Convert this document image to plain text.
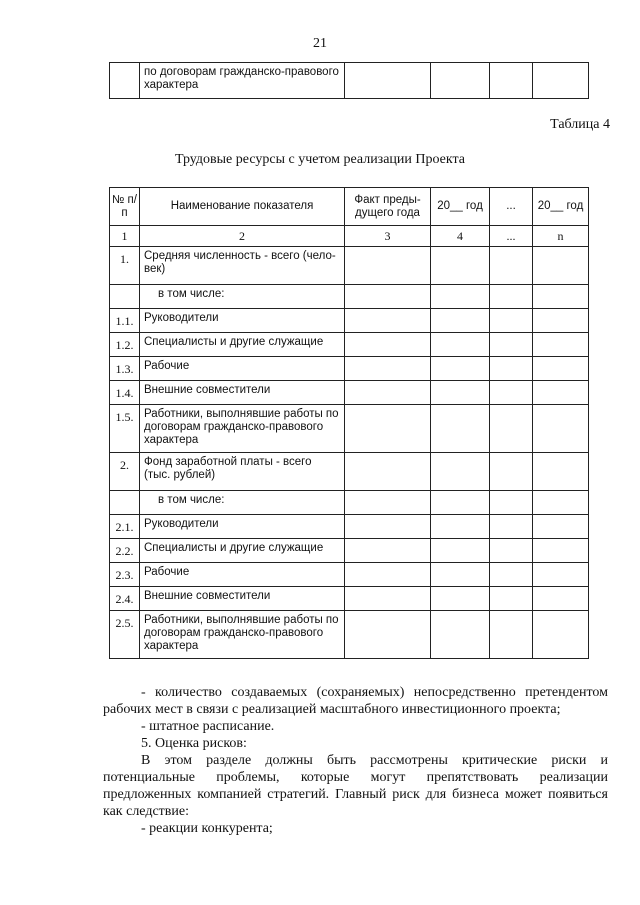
21
	по договорам гражданско-правового характера				
Таблица 4
Трудовые ресурсы с учетом реализации Проекта
№ п/п	Наименование показателя	Факт преды-дущего года	20__ год	...	20__ год
1	2	3	4	...	n
1.	Средняя численность - всего (чело-век)				
	в том числе:				
1.1.	Руководители				
1.2.	Специалисты и другие служащие				
1.3.	Рабочие				
1.4.	Внешние совместители				
1.5.	Работники, выполнявшие работы по договорам гражданско-правового характера				
2.	Фонд заработной платы - всего (тыс. рублей)				
	в том числе:				
2.1.	Руководители				
2.2.	Специалисты и другие служащие				
2.3.	Рабочие				
2.4.	Внешние совместители				
2.5.	Работники, выполнявшие работы по договорам гражданско-правового характера				

- количество создаваемых (сохраняемых) непосредственно претендентом рабочих мест в связи с реализацией масштабного инвестиционного проекта;

- штатное расписание.

5. Оценка рисков:

В этом разделе должны быть рассмотрены критические риски и потенциальные проблемы, которые могут препятствовать реализации предложенных компанией стратегий. Главный риск для бизнеса может появиться как следствие:

- реакции конкурента;
